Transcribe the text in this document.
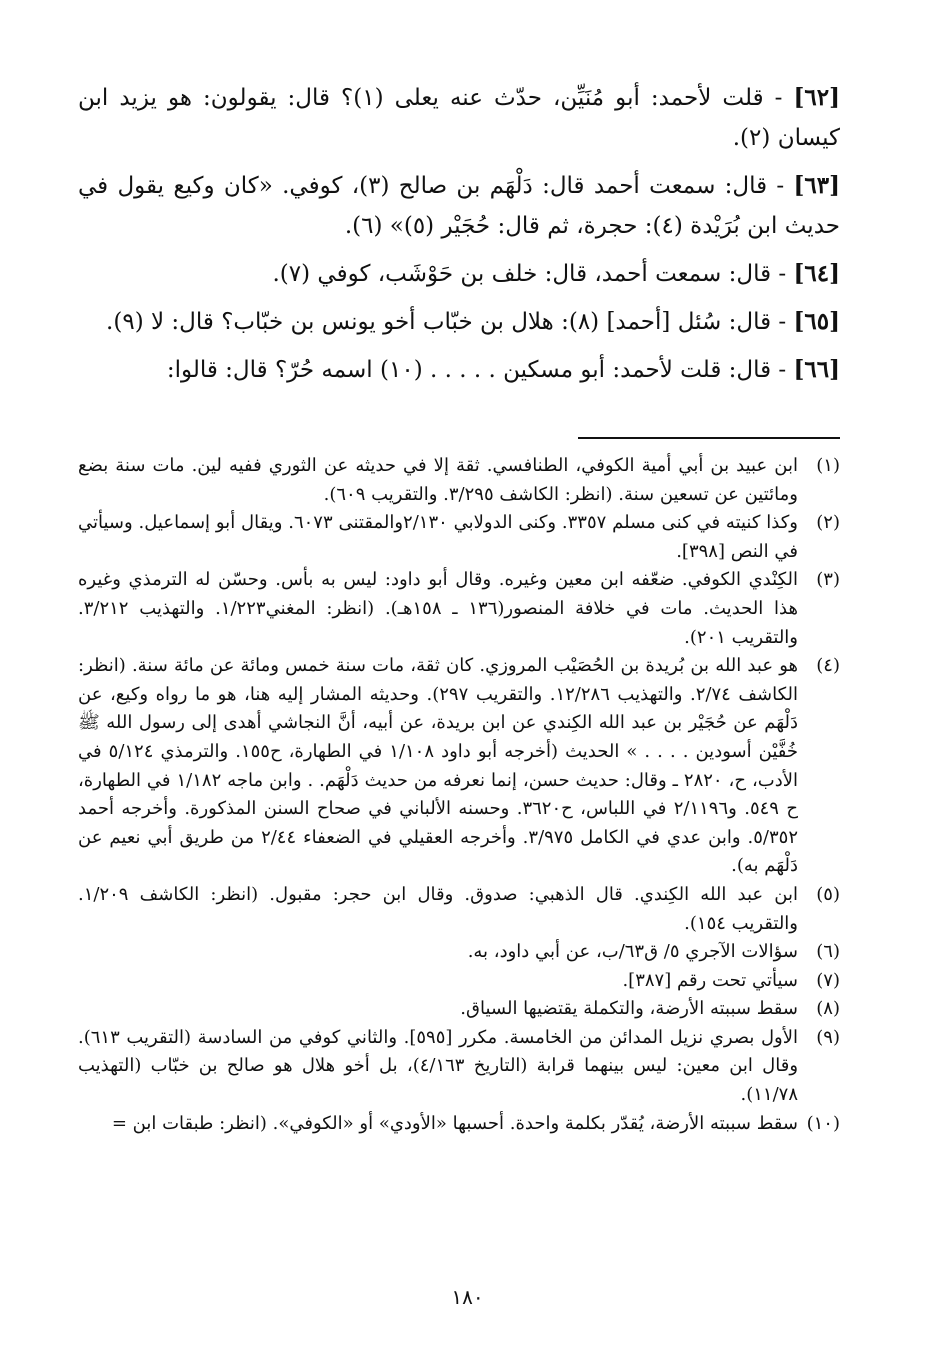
[٦٢] - قلت لأحمد: أبو مُنَيِّن، حدّث عنه يعلى (١)؟ قال: يقولون: هو يزيد ابن كيسان (٢).

[٦٣] - قال: سمعت أحمد قال: دَلْهَم بن صالح (٣)، كوفي. «كان وكيع يقول في حديث ابن بُرَيْدة (٤): حجرة، ثم قال: حُجَيْر (٥)» (٦).

[٦٤] - قال: سمعت أحمد، قال: خلف بن حَوْشَب، كوفي (٧).

[٦٥] - قال: سُئل [أحمد] (٨): هلال بن خبّاب أخو يونس بن خبّاب؟ قال: لا (٩).

[٦٦] - قال: قلت لأحمد: أبو مسكين . . . . . (١٠) اسمه حُرّ؟ قال: قالوا:

(١)
ابن عبيد بن أبي أمية الكوفي، الطنافسي. ثقة إلا في حديثه عن الثوري ففيه لين. مات سنة بضع ومائتين عن تسعين سنة. (انظر: الكاشف ٣/٢٩٥. والتقريب ٦٠٩).
(٢)
وكذا كنيته في كنى مسلم ٣٣٥٧. وكنى الدولابي ٢/١٣٠والمقتنى ٦٠٧٣. ويقال أبو إسماعيل. وسيأتي في النص [٣٩٨].
(٣)
الكِنْدي الكوفي. ضعّفه ابن معين وغيره. وقال أبو داود: ليس به بأس. وحسّن له الترمذي وغيره هذا الحديث. مات في خلافة المنصور(١٣٦ ـ ١٥٨هـ). (انظر: المغني١/٢٢٣. والتهذيب ٣/٢١٢. والتقريب ٢٠١).
(٤)
هو عبد الله بن بُريدة بن الحُصَيْب المروزي. كان ثقة، مات سنة خمس ومائة عن مائة سنة. (انظر: الكاشف ٢/٧٤. والتهذيب ١٢/٢٨٦. والتقريب ٢٩٧). وحديثه المشار إليه هنا، هو ما رواه وكيع، عن دَلْهَم عن حُجَيْر بن عبد الله الكِندي عن ابن بريدة، عن أبيه، أنَّ النجاشي أهدى إلى رسول الله ﷺ خُفَّيْن أسودين . . . . » الحديث (أخرجه أبو داود ١/١٠٨ في الطهارة، ح١٥٥. والترمذي ٥/١٢٤ في الأدب، ح، ٢٨٢٠ ـ وقال: حديث حسن، إنما نعرفه من حديث دَلْهَم. . وابن ماجه ١/١٨٢ في الطهارة، ح ٥٤٩. و٢/١١٩٦ في اللباس، ح٣٦٢٠. وحسنه الألباني في صحاح السنن المذكورة. وأخرجه أحمد ٥/٣٥٢. وابن عدي في الكامل ٣/٩٧٥. وأخرجه العقيلي في الضعفاء ٢/٤٤ من طريق أبي نعيم عن دَلْهَم به).
(٥)
ابن عبد الله الكِندي. قال الذهبي: صدوق. وقال ابن حجر: مقبول. (انظر: الكاشف ١/٢٠٩. والتقريب ١٥٤).
(٦)
سؤالات الآجري ٥/ ق٦٣/ب، عن أبي داود، به.
(٧)
سيأتي تحت رقم [٣٨٧].
(٨)
سقط سببته الأرضة، والتكملة يقتضيها السياق.
(٩)
الأول بصري نزيل المدائن من الخامسة. مكرر [٥٩٥]. والثاني كوفي من السادسة (التقريب ٦١٣). وقال ابن معين: ليس بينهما قرابة (التاريخ ٤/١٦٣)، بل أخو هلال هو صالح بن خبّاب (التهذيب ١١/٧٨).
(١٠)
سقط سببته الأرضة، يُقدّر بكلمة واحدة. أحسبها «الأودي» أو «الكوفي». (انظر: طبقات ابن =
١٨٠
